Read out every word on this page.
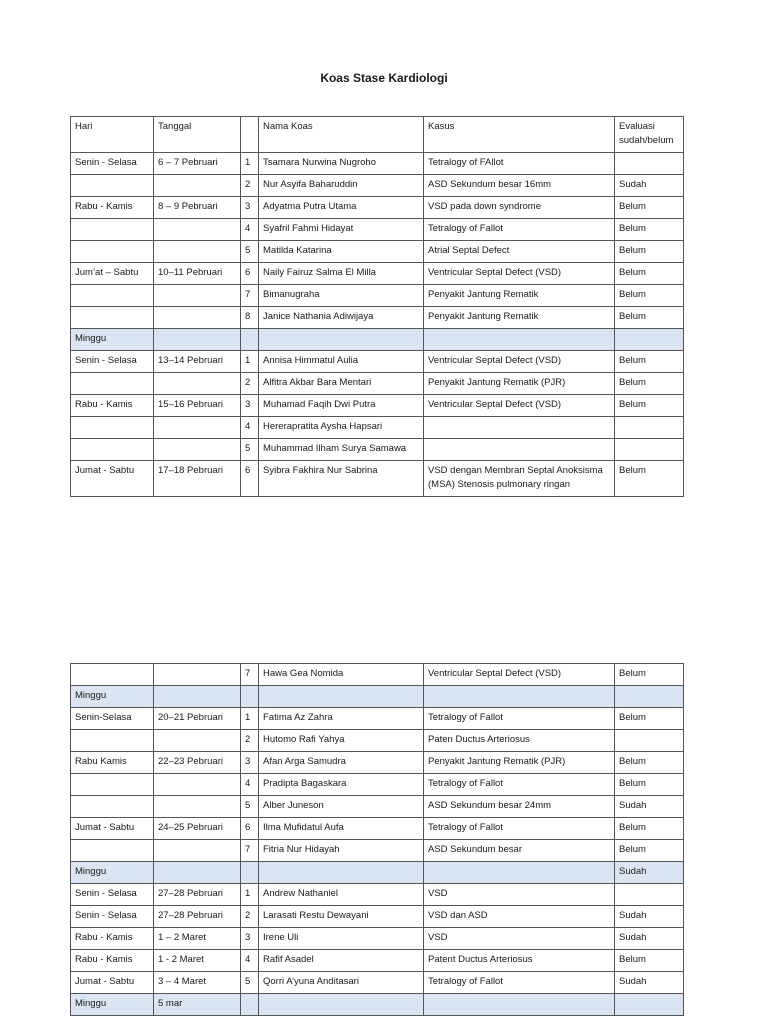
Koas Stase Kardiologi
Hari	Tanggal		Nama Koas	Kasus	Evaluasi sudah/belum
Senin - Selasa	6 – 7 Pebruari	1	Tsamara Nurwina Nugroho	Tetralogy of FAllot	
		2	Nur Asyifa Baharuddin	ASD Sekundum besar 16mm	Sudah
Rabu - Kamis	8 – 9 Pebruari	3	Adyatma Putra Utama	VSD pada down syndrome	Belum
		4	Syafril Fahmi Hidayat	Tetralogy of Fallot	Belum
		5	Matilda Katarina	Atrial Septal Defect	Belum
Jum’at – Sabtu	10–11 Pebruari	6	Naily Fairuz Salma El Milla	Ventricular Septal Defect (VSD)	Belum
		7	Bimanugraha	Penyakit Jantung Rematik	Belum
		8	Janice Nathania Adiwijaya	Penyakit Jantung Rematik	Belum
Minggu					
Senin - Selasa	13–14 Pebruari	1	Annisa Himmatul Aulia	Ventricular Septal Defect (VSD)	Belum
		2	Alfitra Akbar Bara Mentari	Penyakit Jantung Rematik (PJR)	Belum
Rabu - Kamis	15–16 Pebruari	3	Muhamad Faqih Dwi Putra	Ventricular Septal Defect (VSD)	Belum
		4	Hererapratita Aysha Hapsari		
		5	Muhammad Ilham Surya Samawa		
Jumat - Sabtu	17–18 Pebruari	6	Syibra Fakhira Nur Sabrina	VSD dengan Membran Septal Anoksisma (MSA) Stenosis pulmonary ringan	Belum
		7	Hawa Gea Nomida	Ventricular Septal Defect (VSD)	Belum
Minggu					
Senin-Selasa	20–21 Pebruari	1	Fatima Az Zahra	Tetralogy of Fallot	Belum
		2	Hutomo Rafi Yahya	Paten Ductus Arteriosus	
Rabu Kamis	22–23 Pebruari	3	Afan Arga Samudra	Penyakit Jantung Rematik (PJR)	Belum
		4	Pradipta Bagaskara	Tetralogy of Fallot	Belum
		5	Alber Juneson	ASD Sekundum besar 24mm	Sudah
Jumat - Sabtu	24–25 Pebruari	6	Ilma Mufidatul Aufa	Tetralogy of Fallot	Belum
		7	Fitria Nur Hidayah	ASD Sekundum besar	Belum
Minggu					Sudah
Senin - Selasa	27–28 Pebruari	1	Andrew Nathaniel	VSD	
Senin - Selasa	27–28 Pebruari	2	Larasati Restu Dewayani	VSD dan ASD	Sudah
Rabu - Kamis	1 – 2 Maret	3	Irene Uli	VSD	Sudah
Rabu - Kamis	1 - 2 Maret	4	Rafif Asadel	Patent Ductus Arteriosus	Belum
Jumat - Sabtu	3 – 4 Maret	5	Qorri A’yuna Anditasari	Tetralogy of Fallot	Sudah
Minggu	5 mar				
